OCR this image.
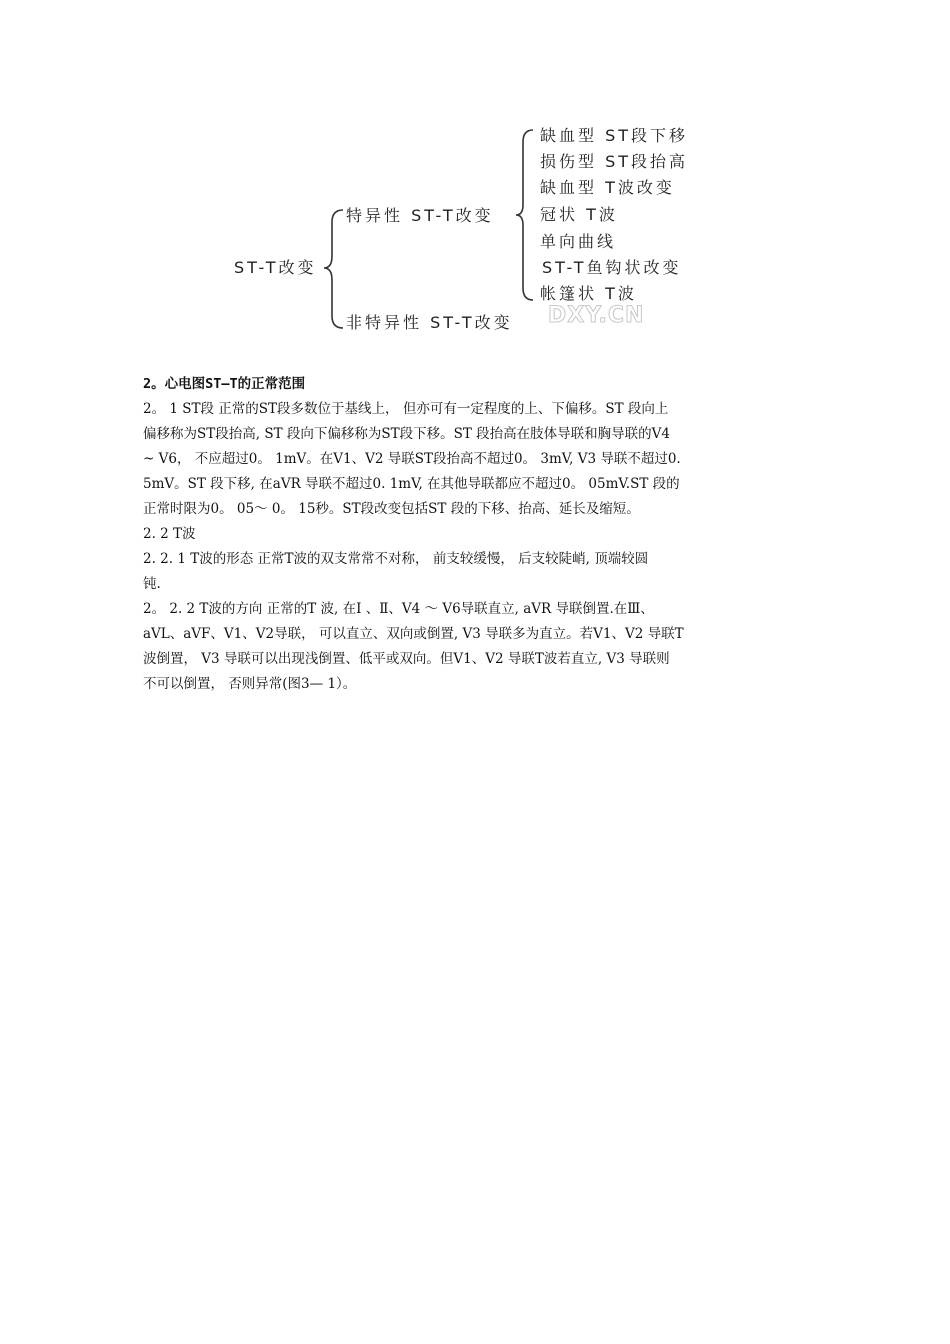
ST-T改变
特异性 ST-T改变
非特异性 ST-T改变
缺血型 ST段下移
损伤型 ST段抬高
缺血型 T波改变
冠状 T波
单向曲线
ST-T鱼钩状改变
帐篷状 T波
DXY.CN
2。心电图ST—T的正常范围

2。 1 ST段 正常的ST段多数位于基线上， 但亦可有一定程度的上、下偏移。ST 段向上
偏移称为ST段抬高, ST 段向下偏移称为ST段下移。ST 段抬高在肢体导联和胸导联的V4
~ V6， 不应超过0。 1mV。在V1、V2 导联ST段抬高不超过0。 3mV, V3 导联不超过0.
5mV。ST 段下移, 在aVR 导联不超过0. 1mV, 在其他导联都应不超过0。 05mV.ST 段的
正常时限为0。 05～ 0。 15秒。ST段改变包括ST 段的下移、抬高、延长及缩短。

2. 2 T波

2. 2. 1 T波的形态 正常T波的双支常常不对称， 前支较缓慢， 后支较陡峭, 顶端较圆
钝.

2。 2. 2 T波的方向 正常的T 波, 在Ⅰ 、Ⅱ、V4 ～ V6导联直立, aVR 导联倒置.在Ⅲ、
aVL、aVF、V1、V2导联， 可以直立、双向或倒置, V3 导联多为直立。若V1、V2 导联T
波倒置， V3 导联可以出现浅倒置、低平或双向。但V1、V2 导联T波若直立, V3 导联则
不可以倒置， 否则异常(图3— 1）。
